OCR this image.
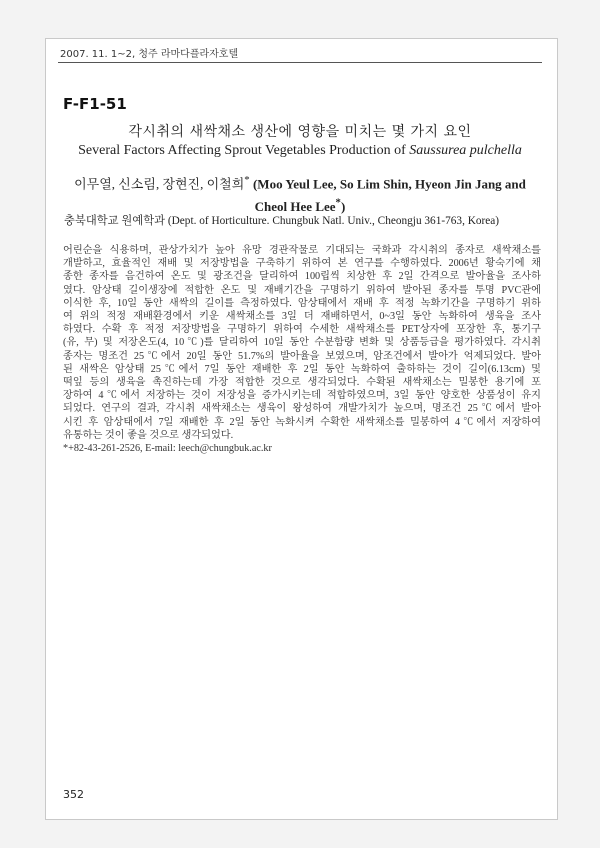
2007. 11. 1~2, 청주 라마다플라자호텔
F-F1-51
각시취의 새싹채소 생산에 영향을 미치는 몇 가지 요인
Several Factors Affecting Sprout Vegetables Production of Saussurea pulchella
이무열, 신소림, 장현진, 이철희* (Moo Yeul Lee, So Lim Shin, Hyeon Jin Jang and
Cheol Hee Lee*)
충북대학교 원예학과 (Dept. of Horticulture. Chungbuk Natl. Univ., Cheongju 361-763, Korea)
어린순을 식용하며, 관상가치가 높아 유망 경관작물로 기대되는 국화과 각시취의 종자로 새싹채소를
개발하고, 효율적인 재배 및 저장방법을 구축하기 위하여 본 연구를 수행하였다. 2006년 황숙기에 채
종한 종자를 음건하여 온도 및 광조건을 달리하여 100립씩 치상한 후 2일 간격으로 발아율을 조사하
였다. 암상태 길이생장에 적합한 온도 및 재배기간을 구명하기 위하여 발아된 종자를 투명 PVC관에
이식한 후, 10일 동안 새싹의 길이를 측정하였다. 암상태에서 재배 후 적정 녹화기간을 구명하기 위하
여 위의 적정 재배환경에서 키운 새싹채소를 3일 더 재배하면서, 0~3일 동안 녹화하여 생육을 조사
하였다. 수확 후 적정 저장방법을 구명하기 위하여 수세한 새싹채소를 PET상자에 포장한 후, 통기구
(유, 무) 및 저장온도(4, 10℃)를 달리하여 10일 동안 수분함량 변화 및 상품등급을 평가하였다. 각시취
종자는 명조건 25℃에서 20일 동안 51.7%의 발아율을 보였으며, 암조건에서 발아가 억제되었다. 발아
된 새싹은 암상태 25℃에서 7일 동안 재배한 후 2일 동안 녹화하여 출하하는 것이 길이(6.13cm) 및
떡잎 등의 생육을 촉진하는데 가장 적합한 것으로 생각되었다. 수확된 새싹채소는 밀봉한 용기에 포
장하여 4℃에서 저장하는 것이 저장성을 증가시키는데 적합하였으며, 3일 동안 양호한 상품성이 유지
되었다. 연구의 결과, 각시취 새싹채소는 생육이 왕성하여 개발가치가 높으며, 명조건 25℃에서 발아
시킨 후 암상태에서 7일 재배한 후 2일 동안 녹화시켜 수확한 새싹채소를 밀봉하여 4℃에서 저장하여
유통하는 것이 좋을 것으로 생각되었다.
*+82-43-261-2526, E-mail: leech@chungbuk.ac.kr
352
